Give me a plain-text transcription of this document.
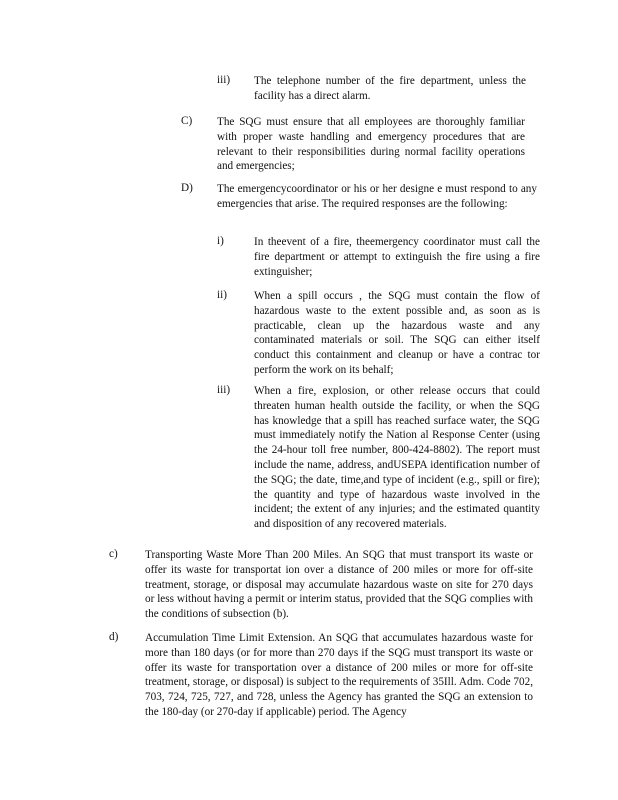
iii) The telephone number of the fire department, unless the facility has a direct alarm.
C) The SQG must ensure that all employees are thoroughly familiar with proper waste handling and emergency procedures that are relevant to their responsibilities during normal facility operations and emergencies;
D) The emergencycoordinator or his or her designe e must respond to any emergencies that arise. The required responses are the following:
i)	In theevent of a fire, theemergency coordinator must call the fire department or attempt to extinguish the fire using a fire extinguisher;
ii) When a spill occurs , the SQG must contain the flow of hazardous waste to the extent possible and, as soon as is practicable, clean up the hazardous waste and any contaminated materials or soil. The SQG can either itself conduct this containment and cleanup or have a contrac tor perform the work on its behalf;
iii) When a fire, explosion, or other release occurs that could threaten human health outside the facility, or when the SQG has knowledge that a spill has reached surface water, the SQG must immediately notify the Nation al Response Center (using the 24-hour toll free number, 800-424-8802). The report must include the name, address, andUSEPA identification number of the SQG; the date, time,and type of incident (e.g., spill or fire); the quantity and type of hazardous waste involved in the incident; the extent of any injuries; and the estimated quantity and disposition of any recovered materials.
c) Transporting Waste More Than 200 Miles. An SQG that must transport its waste or offer its waste for transportat ion over a distance of 200 miles or more for off-site treatment, storage, or disposal may accumulate hazardous waste on site for 270 days or less without having a permit or interim status, provided that the SQG complies with the conditions of subsection (b).
d) Accumulation Time Limit Extension. An SQG that accumulates hazardous waste for more than 180 days (or for more than 270 days if the SQG must transport its waste or offer its waste for transportation over a distance of 200 miles or more for off-site treatment, storage, or disposal) is subject to the requirements of 35Ill. Adm. Code 702, 703, 724, 725, 727, and 728, unless the Agency has granted the SQG an extension to the 180-day (or 270-day if applicable) period. The Agency
